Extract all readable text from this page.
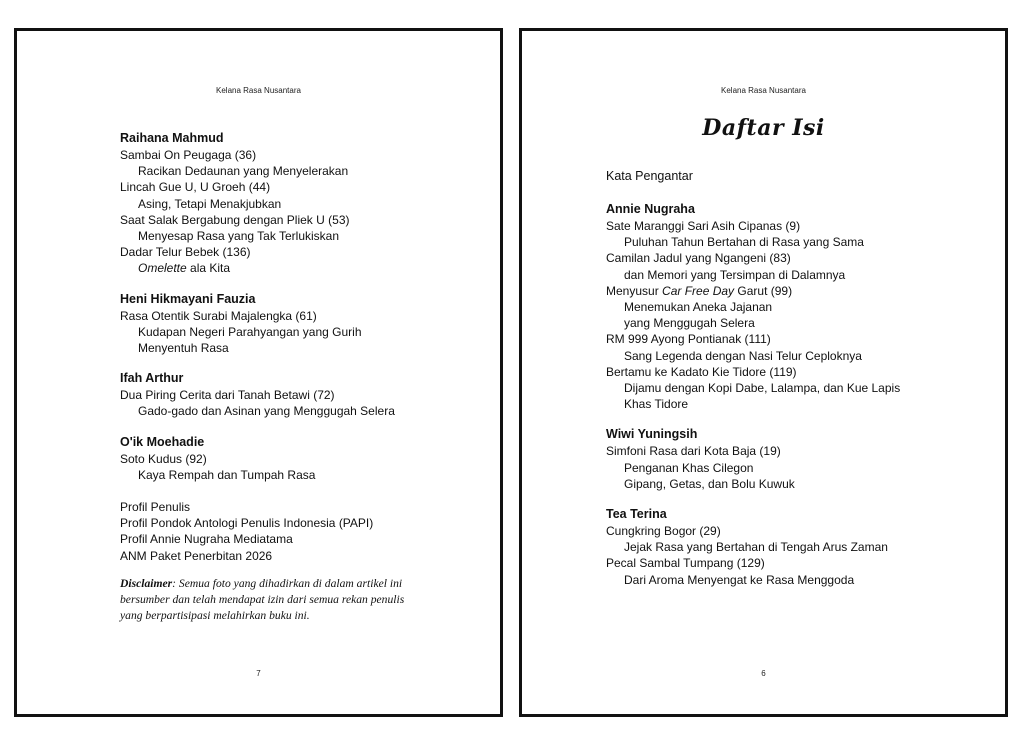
Kelana Rasa Nusantara
Raihana Mahmud
Sambai On Peugaga (36)
Racikan Dedaunan yang Menyelerakan
Lincah Gue U, U Groeh (44)
Asing, Tetapi Menakjubkan
Saat Salak Bergabung dengan Pliek U (53)
Menyesap Rasa yang Tak Terlukiskan
Dadar Telur Bebek (136)
Omelette ala Kita
Heni Hikmayani Fauzia
Rasa Otentik Surabi Majalengka (61)
Kudapan Negeri Parahyangan yang Gurih
Menyentuh Rasa
Ifah Arthur
Dua Piring Cerita dari Tanah Betawi (72)
Gado-gado dan Asinan yang Menggugah Selera
O'ik Moehadie
Soto Kudus (92)
Kaya Rempah dan Tumpah Rasa
Profil Penulis
Profil Pondok Antologi Penulis Indonesia (PAPI)
Profil Annie Nugraha Mediatama
ANM Paket Penerbitan 2026
Disclaimer: Semua foto yang dihadirkan di dalam artikel ini bersumber dan telah mendapat izin dari semua rekan penulis yang berpartisipasi melahirkan buku ini.
7
Kelana Rasa Nusantara
Daftar Isi
Kata Pengantar
Annie Nugraha
Sate Maranggi Sari Asih Cipanas (9)
Puluhan Tahun Bertahan di Rasa yang Sama
Camilan Jadul yang Ngangeni (83)
dan Memori yang Tersimpan di Dalamnya
Menyusur Car Free Day Garut (99)
Menemukan Aneka Jajanan
yang Menggugah Selera
RM 999 Ayong Pontianak (111)
Sang Legenda dengan Nasi Telur Ceploknya
Bertamu ke Kadato Kie Tidore (119)
Dijamu dengan Kopi Dabe, Lalampa, dan Kue Lapis
Khas Tidore
Wiwi Yuningsih
Simfoni Rasa dari Kota Baja (19)
Penganan Khas Cilegon
Gipang, Getas, dan Bolu Kuwuk
Tea Terina
Cungkring Bogor (29)
Jejak Rasa yang Bertahan di Tengah Arus Zaman
Pecal Sambal Tumpang (129)
Dari Aroma Menyengat ke Rasa Menggoda
6
